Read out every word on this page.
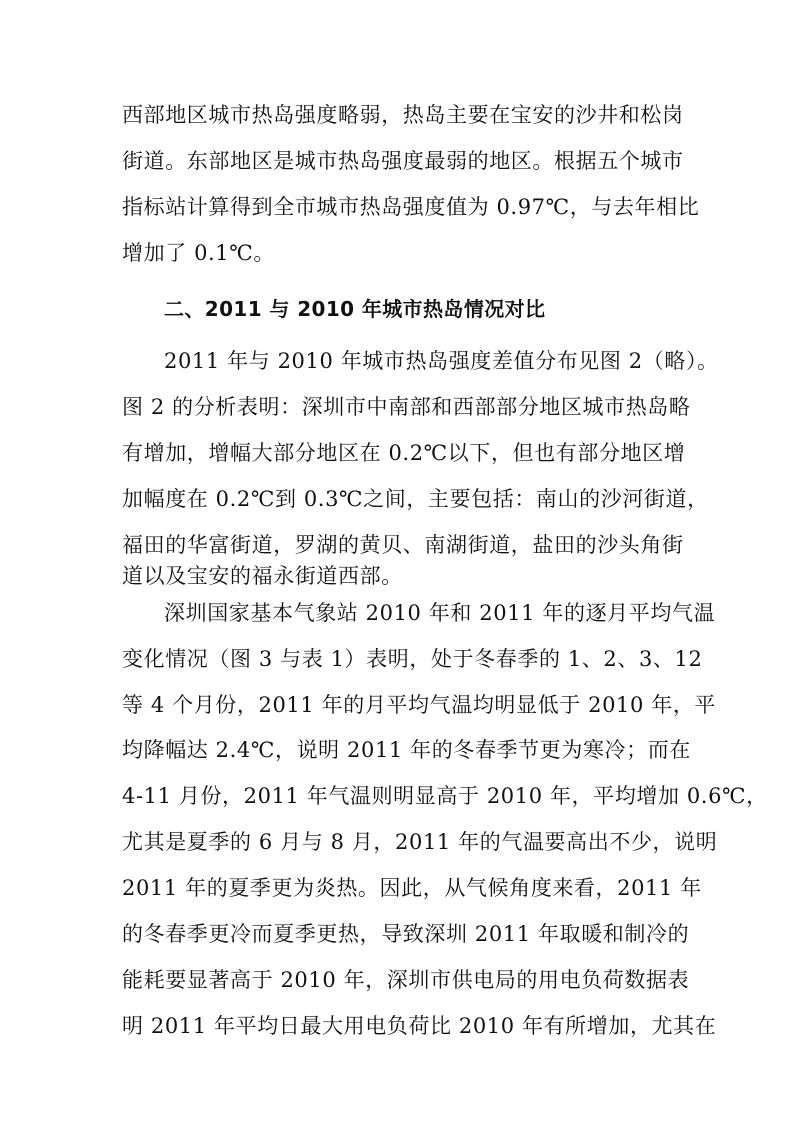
西部地区城市热岛强度略弱，热岛主要在宝安的沙井和松岗
街道。东部地区是城市热岛强度最弱的地区。根据五个城市
指标站计算得到全市城市热岛强度值为 0.97℃，与去年相比
增加了 0.1℃。
二、2011 与 2010 年城市热岛情况对比
2011 年与 2010 年城市热岛强度差值分布见图 2（略）。
图 2 的分析表明：深圳市中南部和西部部分地区城市热岛略
有增加，增幅大部分地区在 0.2℃以下，但也有部分地区增
加幅度在 0.2℃到 0.3℃之间，主要包括：南山的沙河街道，
福田的华富街道，罗湖的黄贝、南湖街道，盐田的沙头角街
道以及宝安的福永街道西部。
深圳国家基本气象站 2010 年和 2011 年的逐月平均气温
变化情况（图 3 与表 1）表明，处于冬春季的 1、2、3、12
等 4 个月份，2011 年的月平均气温均明显低于 2010 年，平
均降幅达 2.4℃，说明 2011 年的冬春季节更为寒冷；而在
4-11 月份，2011 年气温则明显高于 2010 年，平均增加 0.6℃，
尤其是夏季的 6 月与 8 月，2011 年的气温要高出不少，说明
2011 年的夏季更为炎热。因此，从气候角度来看，2011 年
的冬春季更冷而夏季更热，导致深圳 2011 年取暖和制冷的
能耗要显著高于 2010 年，深圳市供电局的用电负荷数据表
明 2011 年平均日最大用电负荷比 2010 年有所增加，尤其在
